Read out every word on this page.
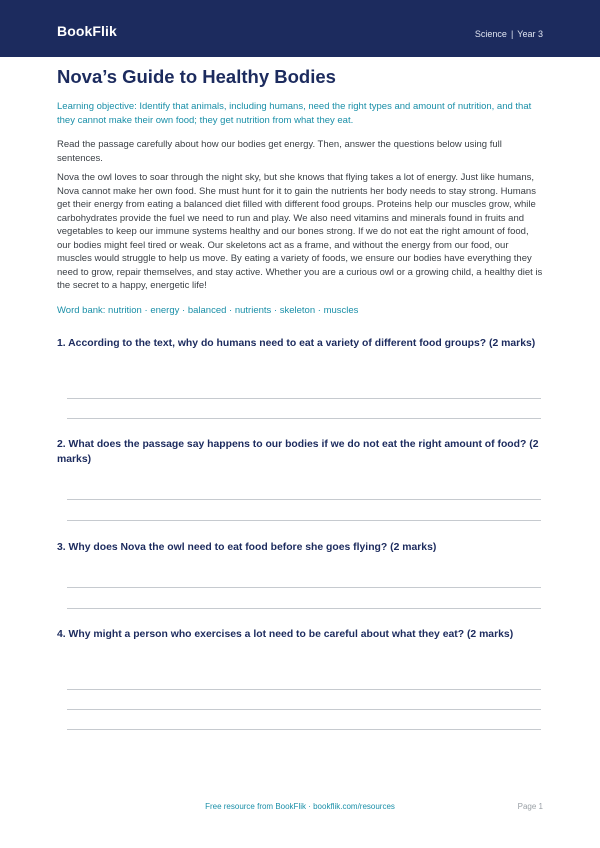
BookFlik	Science | Year 3
Nova’s Guide to Healthy Bodies

Learning objective: Identify that animals, including humans, need the right types and amount of nutrition, and that they cannot make their own food; they get nutrition from what they eat.

Read the passage carefully about how our bodies get energy. Then, answer the questions below using full sentences.

Nova the owl loves to soar through the night sky, but she knows that flying takes a lot of energy. Just like humans, Nova cannot make her own food. She must hunt for it to gain the nutrients her body needs to stay strong. Humans get their energy from eating a balanced diet filled with different food groups. Proteins help our muscles grow, while carbohydrates provide the fuel we need to run and play. We also need vitamins and minerals found in fruits and vegetables to keep our immune systems healthy and our bones strong. If we do not eat the right amount of food, our bodies might feel tired or weak. Our skeletons act as a frame, and without the energy from our food, our muscles would struggle to help us move. By eating a variety of foods, we ensure our bodies have everything they need to grow, repair themselves, and stay active. Whether you are a curious owl or a growing child, a healthy diet is the secret to a happy, energetic life!

Word bank: nutrition · energy · balanced · nutrients · skeleton · muscles

1. According to the text, why do humans need to eat a variety of different food groups? (2 marks)
2. What does the passage say happens to our bodies if we do not eat the right amount of food? (2 marks)
3. Why does Nova the owl need to eat food before she goes flying? (2 marks)
4. Why might a person who exercises a lot need to be careful about what they eat? (2 marks)
Free resource from BookFlik · bookflik.com/resources	Page 1
